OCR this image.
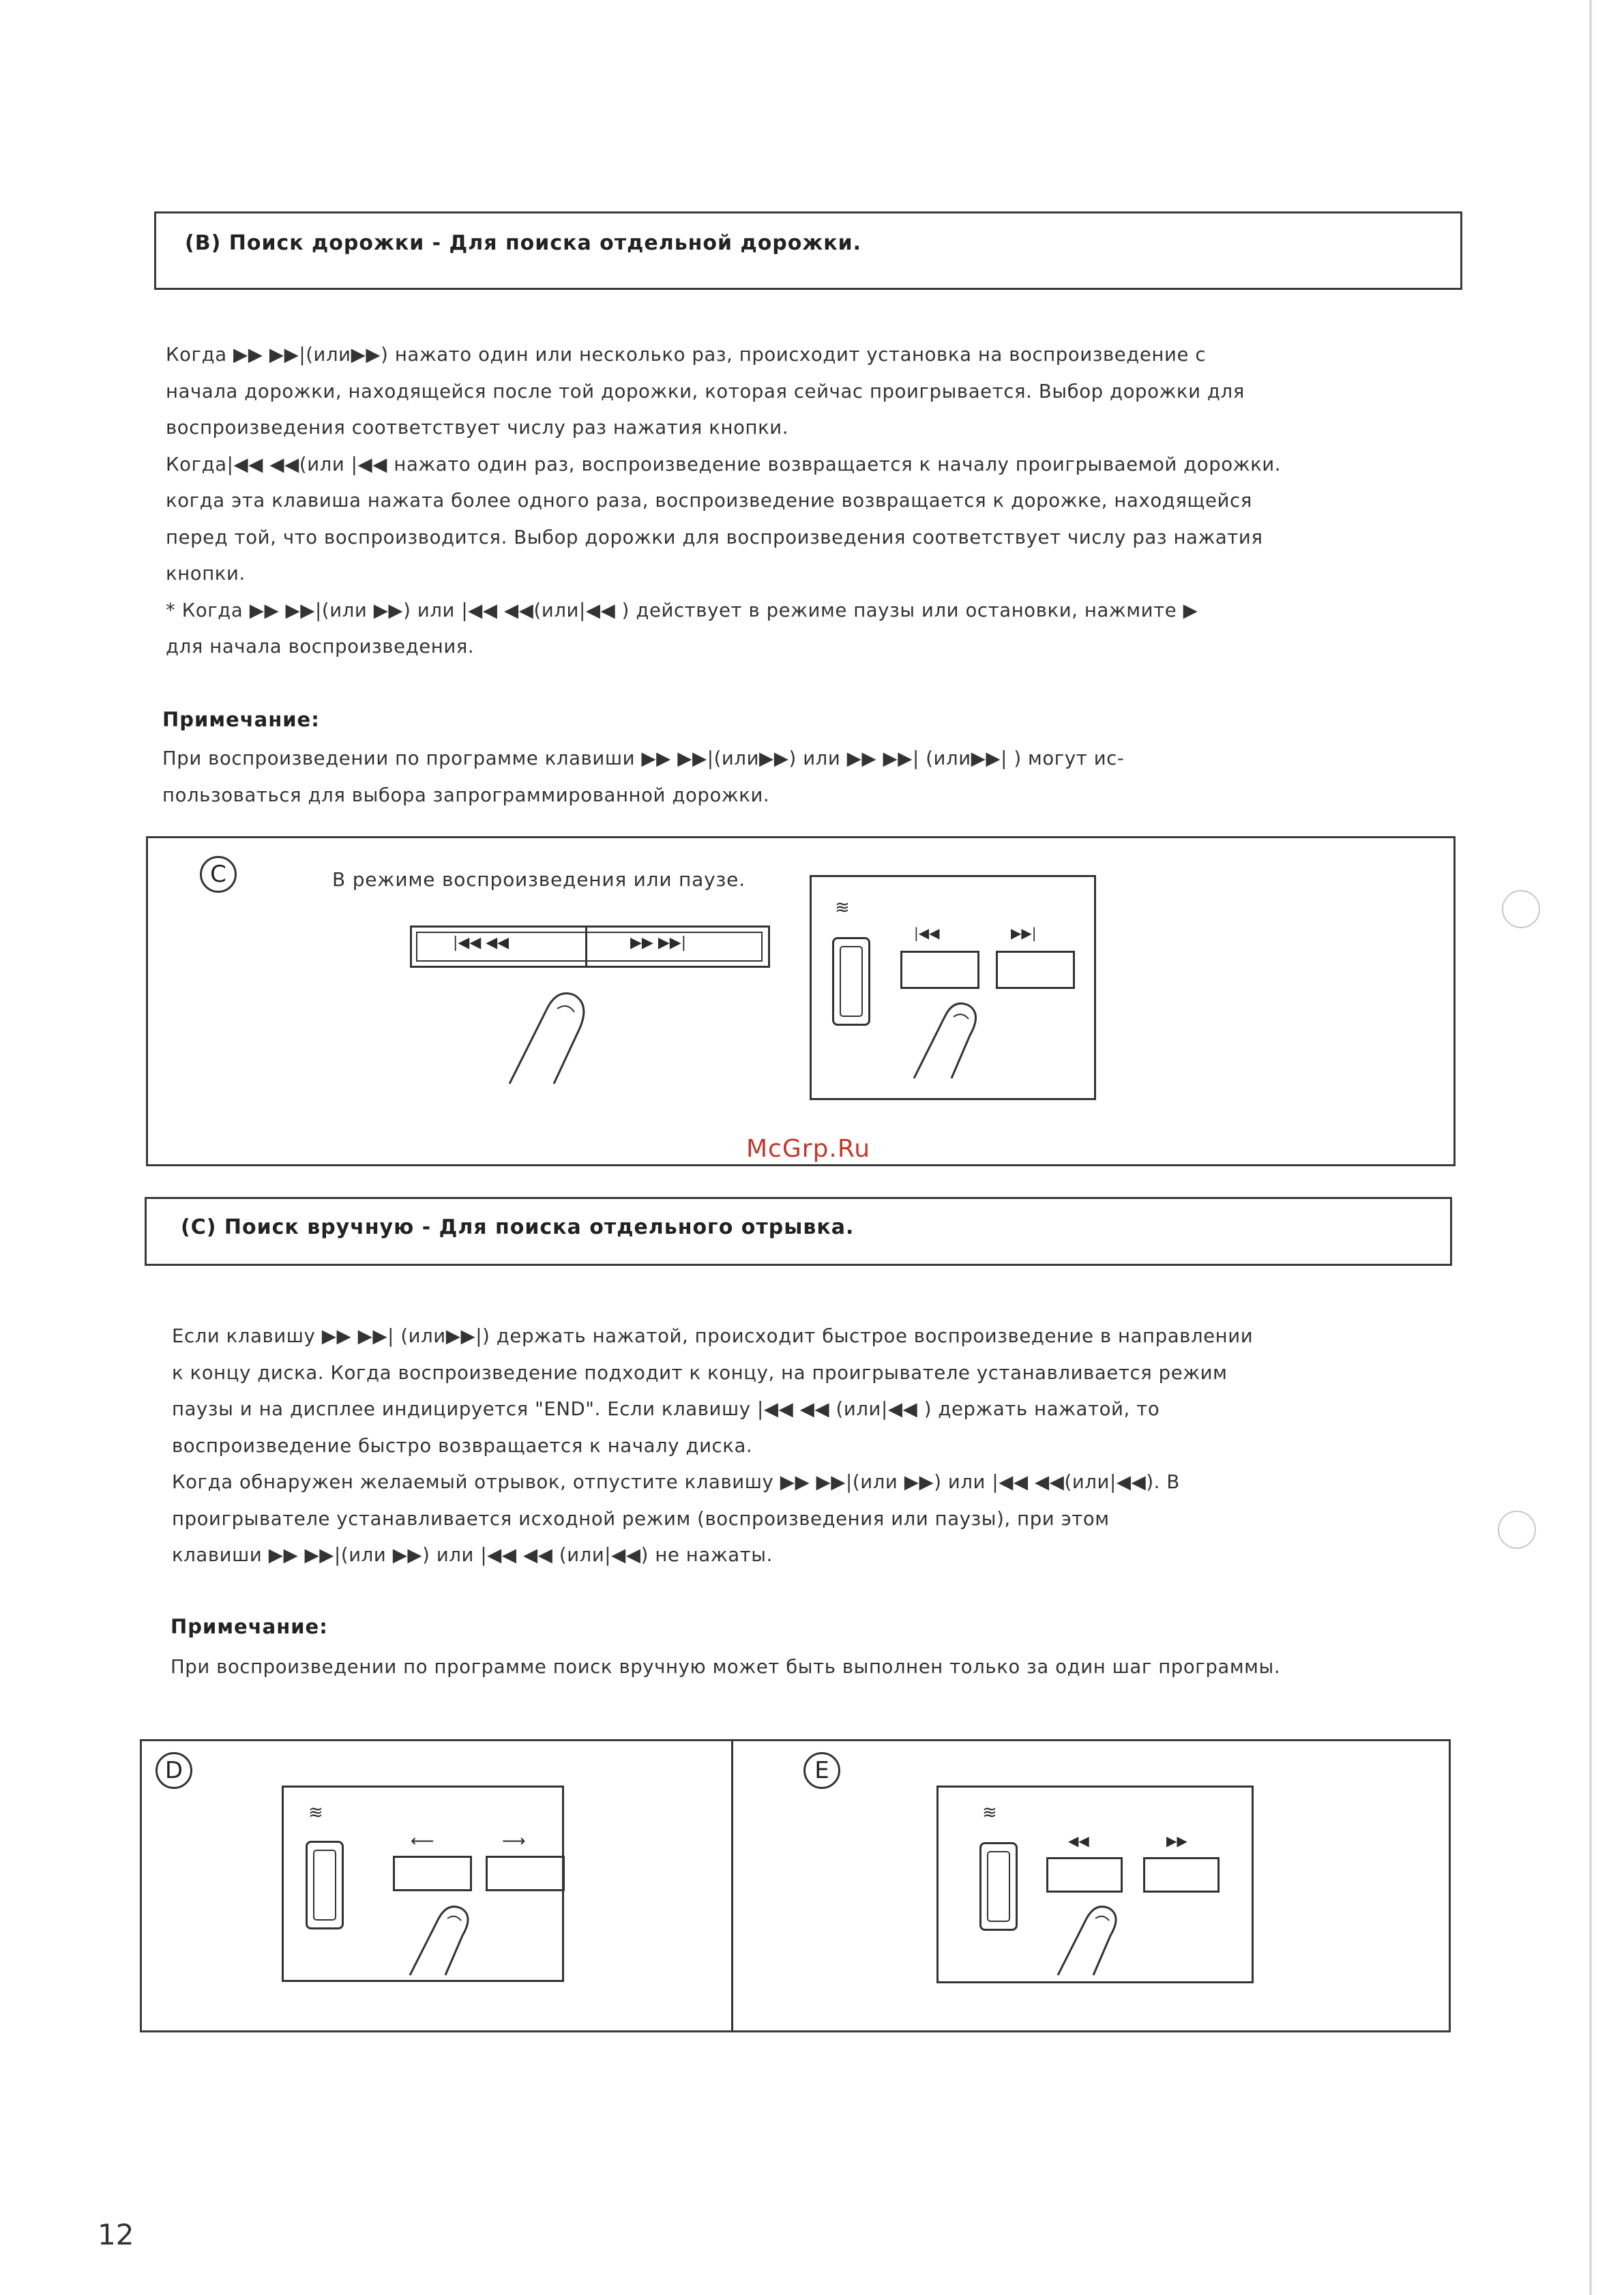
(В) Поиск дорожки - Для поиска отдельной дорожки.
Когда ▶▶ ▶▶|(или▶▶) нажато один или несколько раз, происходит установка на воспроизведение с
начала дорожки, находящейся после той дорожки, которая сейчас проигрывается. Выбор дорожки для
воспроизведения соответствует числу раз нажатия кнопки.
Когда|◀◀ ◀◀(или |◀◀ нажато один раз, воспроизведение возвращается к началу проигрываемой дорожки.
когда эта клавиша нажата более одного раза, воспроизведение возвращается к дорожке, находящейся
перед той, что воспроизводится. Выбор дорожки для воспроизведения соответствует числу раз нажатия
кнопки.
* Когда ▶▶ ▶▶|(или ▶▶) или |◀◀ ◀◀(или|◀◀ ) действует в режиме паузы или остановки, нажмите ▶
для начала воспроизведения.
Примечание:
При воспроизведении по программе клавиши ▶▶ ▶▶|(или▶▶) или ▶▶ ▶▶| (или▶▶| ) могут ис-
пользоваться для выбора запрограммированной дорожки.
C	В режиме воспроизведения или паузе.
|◀◀ ◀◀	▶▶ ▶▶|
≋
|◀◀	▶▶|
McGrp.Ru
(С) Поиск вручную - Для поиска отдельного отрывка.
Если клавишу ▶▶ ▶▶| (или▶▶|) держать нажатой, происходит быстрое воспроизведение в направлении
к концу диска. Когда воспроизведение подходит к концу, на проигрывателе устанавливается режим
паузы и на дисплее индицируется "END". Если клавишу |◀◀ ◀◀ (или|◀◀ ) держать нажатой, то
воспроизведение быстро возвращается к началу диска.
Когда обнаружен желаемый отрывок, отпустите клавишу ▶▶ ▶▶|(или ▶▶) или |◀◀ ◀◀(или|◀◀). В
проигрывателе устанавливается исходной режим (воспроизведения или паузы), при этом
клавиши ▶▶ ▶▶|(или ▶▶) или |◀◀ ◀◀ (или|◀◀) не нажаты.
Примечание:
При воспроизведении по программе поиск вручную может быть выполнен только за один шаг программы.
D
≋
⟵	⟶
E
≋
◀◀	▶▶
12
